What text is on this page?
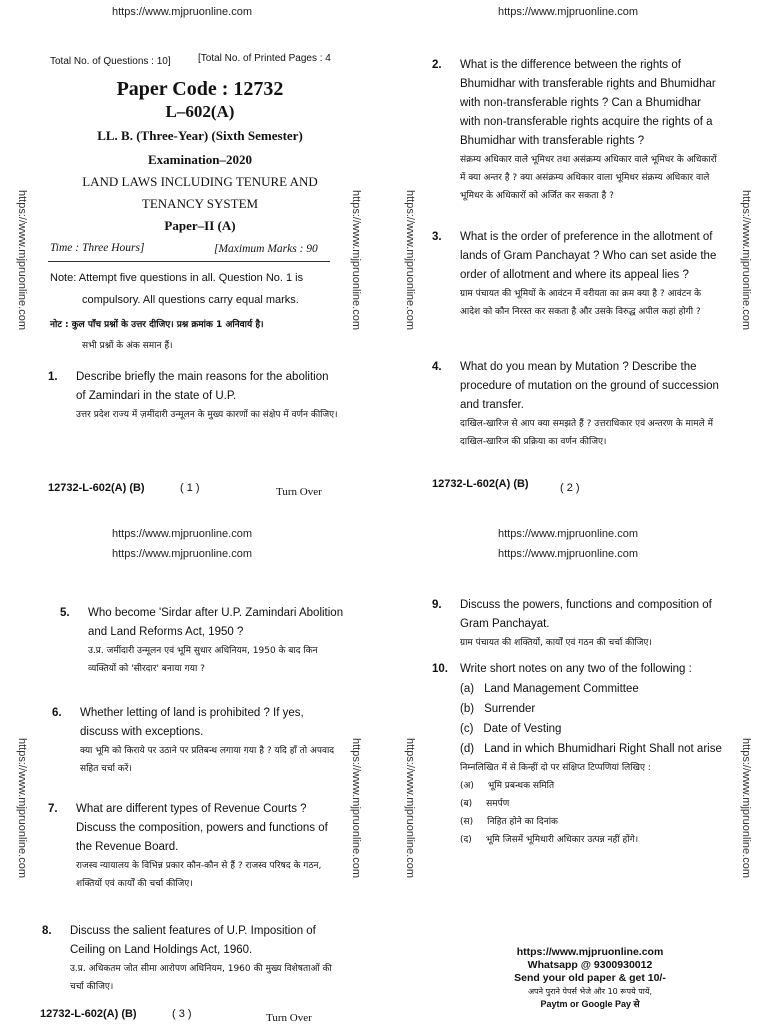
https://www.mjpruonline.com	https://www.mjpruonline.com
https://www.mjpruonline.com	https://www.mjpruonline.com	https://www.mjpruonline.com	https://www.mjpruonline.com
https://www.mjpruonline.com	https://www.mjpruonline.com	https://www.mjpruonline.com	https://www.mjpruonline.com
Total No. of Questions : 10]	[Total No. of Printed Pages : 4
Paper Code : 12732
L–602(A)
LL. B. (Three-Year) (Sixth Semester)
Examination–2020
LAND LAWS INCLUDING TENURE AND
TENANCY SYSTEM
Paper–II (A)
Time : Three Hours]	[Maximum Marks : 90
Note: Attempt five questions in all. Question No. 1 is
compulsory. All questions carry equal marks.
नोट : कुल पाँच प्रश्नों के उत्तर दीजिए। प्रश्न क्रमांक 1 अनिवार्य है।
सभी प्रश्नों के अंक समान हैं।
1. Describe briefly the main reasons for the abolition of Zamindari in the state of U.P.
उत्तर प्रदेश राज्य में ज़मींदारी उन्मूलन के मुख्य कारणों का संक्षेप में वर्णन कीजिए।
12732-L-602(A) (B)	( 1 )	Turn Over
2. What is the difference between the rights of Bhumidhar with transferable rights and Bhumidhar with non-transferable rights ? Can a Bhumidhar with non-transferable rights acquire the rights of a Bhumidhar with transferable rights ?
संक्रम्य अधिकार वाले भूमिधर तथा असंक्रम्य अधिकार वाले भूमिधर के अधिकारों में क्या अन्तर है ? क्या असंक्रम्य अधिकार वाला भूमिधर संक्रम्य अधिकार वाले भूमिधर के अधिकारों को अर्जित कर सकता है ?
3. What is the order of preference in the allotment of lands of Gram Panchayat ? Who can set aside the order of allotment and where its appeal lies ?
ग्राम पंचायत की भूमियों के आवंटन में वरीयता का क्रम क्या है ? आवंटन के आदेश को कौन निरस्त कर सकता है और उसके विरुद्ध अपील कहां होगी ?
4. What do you mean by Mutation ? Describe the procedure of mutation on the ground of succession and transfer.
दाखिल-खारिज से आप क्या समझते हैं ? उत्तराधिकार एवं अन्तरण के मामले में दाखिल-खारिज की प्रक्रिया का वर्णन कीजिए।
12732-L-602(A) (B)	( 2 )
https://www.mjpruonline.com
https://www.mjpruonline.com
https://www.mjpruonline.com
https://www.mjpruonline.com
5. Who become 'Sirdar after U.P. Zamindari Abolition and Land Reforms Act, 1950 ?
उ.प्र. जमींदारी उन्मूलन एवं भूमि सुधार अधिनियम, 1950 के बाद किन व्यक्तियों को 'सीरदार' बनाया गया ?
6. Whether letting of land is prohibited ? If yes, discuss with exceptions.
क्या भूमि को किराये पर उठाने पर प्रतिबन्ध लगाया गया है ? यदि हाँ तो अपवाद सहित चर्चा करें।
7. What are different types of Revenue Courts ? Discuss the composition, powers and functions of the Revenue Board.
राजस्व न्यायालय के विभिन्न प्रकार कौन-कौन से हैं ? राजस्व परिषद के गठन, शक्तियों एवं कार्यों की चर्चा कीजिए।
8. Discuss the salient features of U.P. Imposition of Ceiling on Land Holdings Act, 1960.
उ.प्र. अधिकतम जोत सीमा आरोपण अधिनियम, 1960 की मुख्य विशेषताओं की चर्चा कीजिए।
12732-L-602(A) (B)	( 3 )	Turn Over
9. Discuss the powers, functions and composition of Gram Panchayat.
ग्राम पंचायत की शक्तियों, कार्यों एवं गठन की चर्चा कीजिए।
10. Write short notes on any two of the following :
(a) Land Management Committee
(b) Surrender
(c) Date of Vesting
(d) Land in which Bhumidhari Right Shall not arise
निम्नलिखित में से किन्हीं दो पर संक्षिप्त टिप्पणियां लिखिए :
(अ) भूमि प्रबन्धक समिति
(ब) समर्पण
(स) निहित होने का दिनांक
(द) भूमि जिसमें भूमिधारी अधिकार उत्पन्न नहीं होंगे।
https://www.mjpruonline.com
Whatsapp @ 9300930012
Send your old paper & get 10/-
अपने पुराने पेपर्स भेजे और 10 रूपये पायें,
Paytm or Google Pay से
